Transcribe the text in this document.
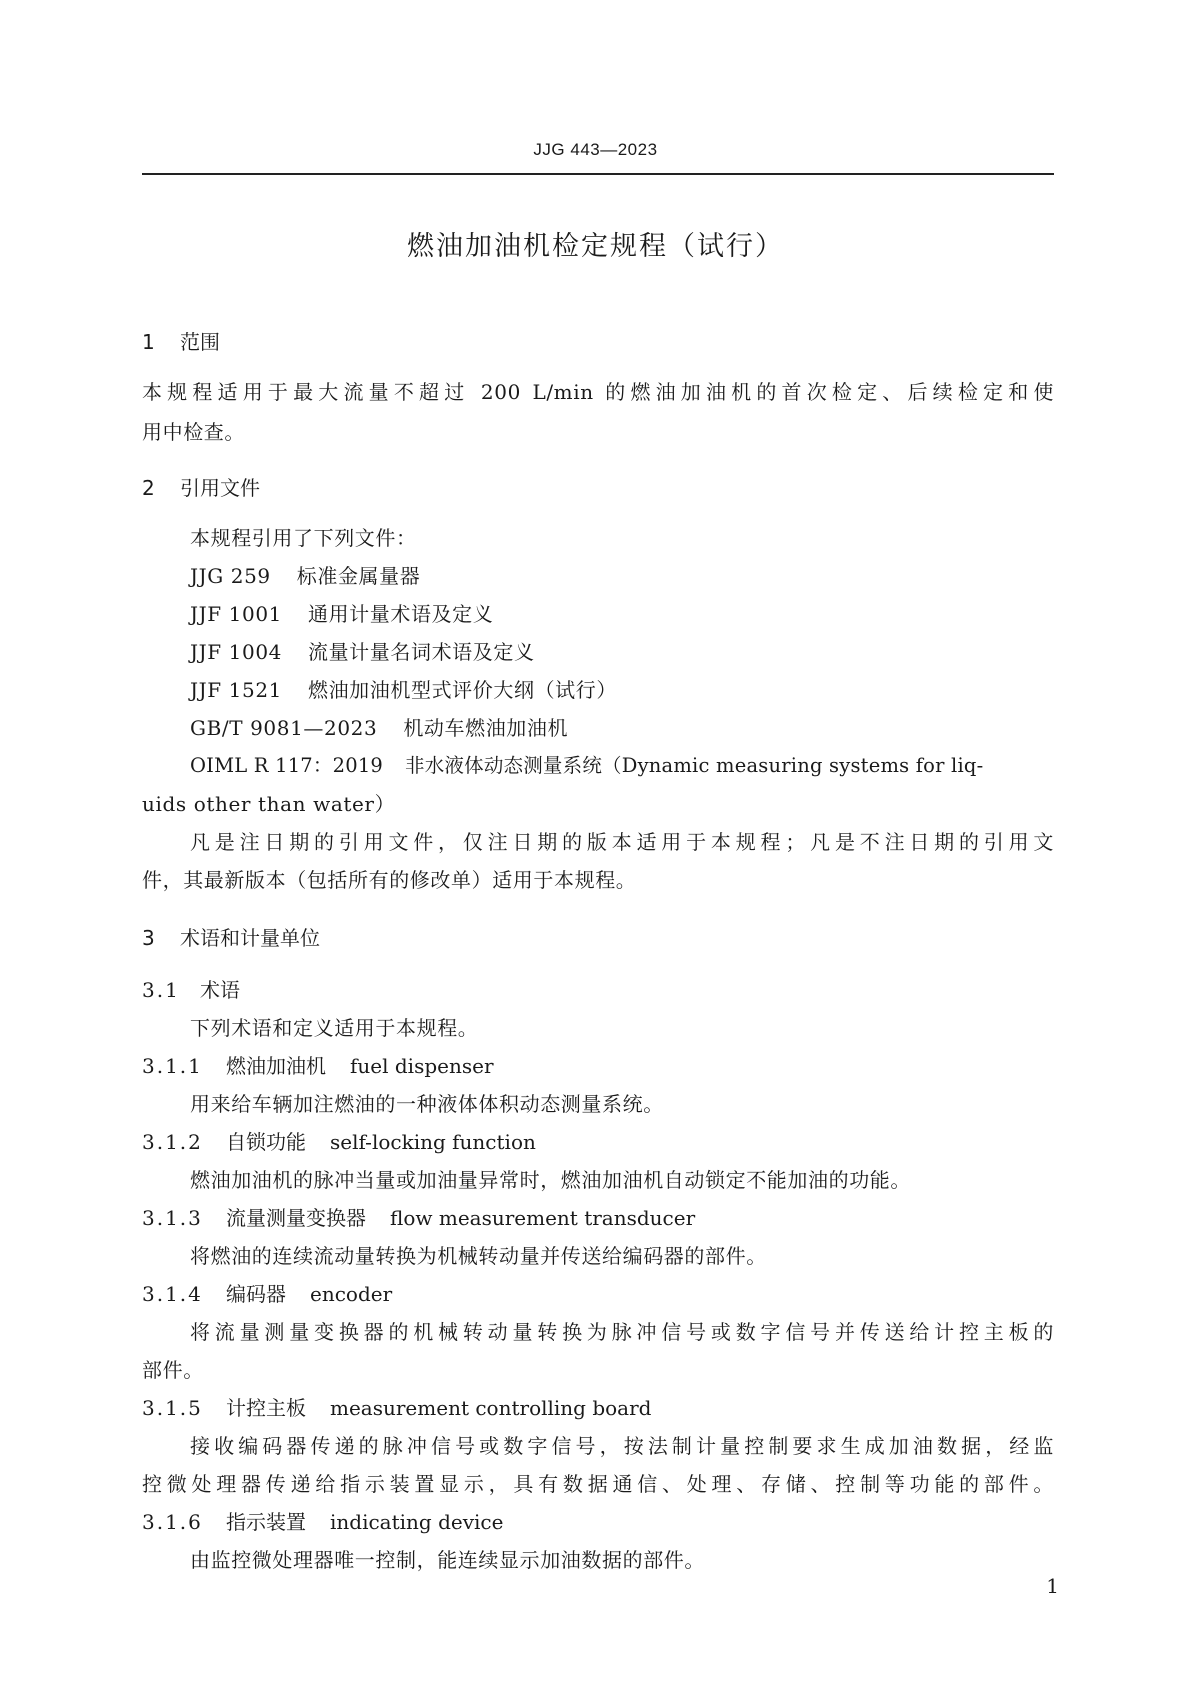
JJG 443—2023
燃油加油机检定规程（试行）
1 范围
本规程适用于最大流量不超过 200 L/min 的燃油加油机的首次检定、后续检定和使
用中检查。
2 引用文件
本规程引用了下列文件：
JJG 259 标准金属量器
JJF 1001 通用计量术语及定义
JJF 1004 流量计量名词术语及定义
JJF 1521 燃油加油机型式评价大纲（试行）
GB/T 9081—2023 机动车燃油加油机
OIML R 117：2019 非水液体动态测量系统（Dynamic measuring systems for liq-
uids other than water）
凡是注日期的引用文件，仅注日期的版本适用于本规程；凡是不注日期的引用文
件，其最新版本（包括所有的修改单）适用于本规程。
3 术语和计量单位
3.1 术语
下列术语和定义适用于本规程。
3.1.1 燃油加油机 fuel dispenser
用来给车辆加注燃油的一种液体体积动态测量系统。
3.1.2 自锁功能 self-locking function
燃油加油机的脉冲当量或加油量异常时，燃油加油机自动锁定不能加油的功能。
3.1.3 流量测量变换器 flow measurement transducer
将燃油的连续流动量转换为机械转动量并传送给编码器的部件。
3.1.4 编码器 encoder
将流量测量变换器的机械转动量转换为脉冲信号或数字信号并传送给计控主板的
部件。
3.1.5 计控主板 measurement controlling board
接收编码器传递的脉冲信号或数字信号，按法制计量控制要求生成加油数据，经监
控微处理器传递给指示装置显示，具有数据通信、处理、存储、控制等功能的部件。
3.1.6 指示装置 indicating device
由监控微处理器唯一控制，能连续显示加油数据的部件。
1
